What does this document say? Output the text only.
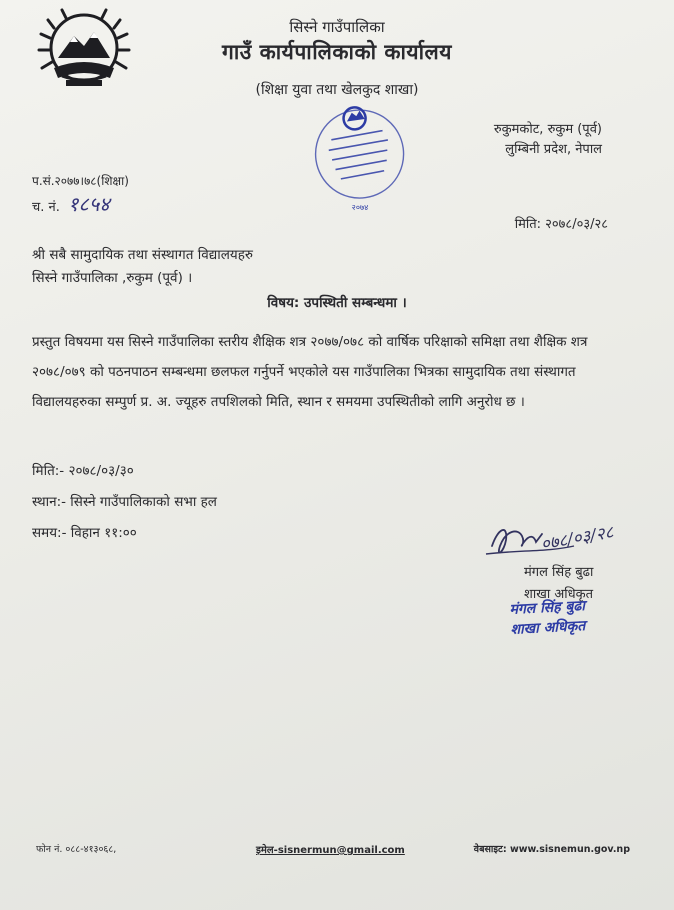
सिस्ने गाउँपालिका
गाउँ कार्यपालिकाको कार्यालय
(शिक्षा युवा तथा खेलकुद शाखा)
२०७४
रुकुमकोट, रुकुम (पूर्व)
लुम्बिनी प्रदेश, नेपाल
प.सं.२०७७।७८(शिक्षा)
च. नं. १८५४
मिति: २०७८/०३/२८
श्री सबै सामुदायिक तथा संस्थागत विद्यालयहरु
सिस्ने गाउँपालिका ,रुकुम (पूर्व) ।
विषय: उपस्थिती सम्बन्धमा ।
प्रस्तुत विषयमा यस सिस्ने गाउँपालिका स्तरीय शैक्षिक शत्र २०७७/०७८ को वार्षिक परिक्षाको समिक्षा तथा शैक्षिक शत्र २०७८/०७९ को पठनपाठन सम्बन्धमा छलफल गर्नुपर्ने भएकोले यस गाउँपालिका भित्रका सामुदायिक तथा संस्थागत विद्यालयहरुका सम्पुर्ण प्र. अ. ज्यूहरु तपशिलको मिति, स्थान र समयमा उपस्थितीको लागि अनुरोध छ ।
मिति:- २०७८/०३/३०
स्थान:- सिस्ने गाउँपालिकाको सभा हल
समय:- विहान ११:००	०७८/०३/२८
मंगल सिंह बुढा
शाखा अधिकृत
मंगल सिंह बुढा
शाखा अधिकृत
फोन नं. ०८८-४१३०६८,	इमेल-sisnermun@gmail.com	वेबसाइट: www.sisnemun.gov.np
